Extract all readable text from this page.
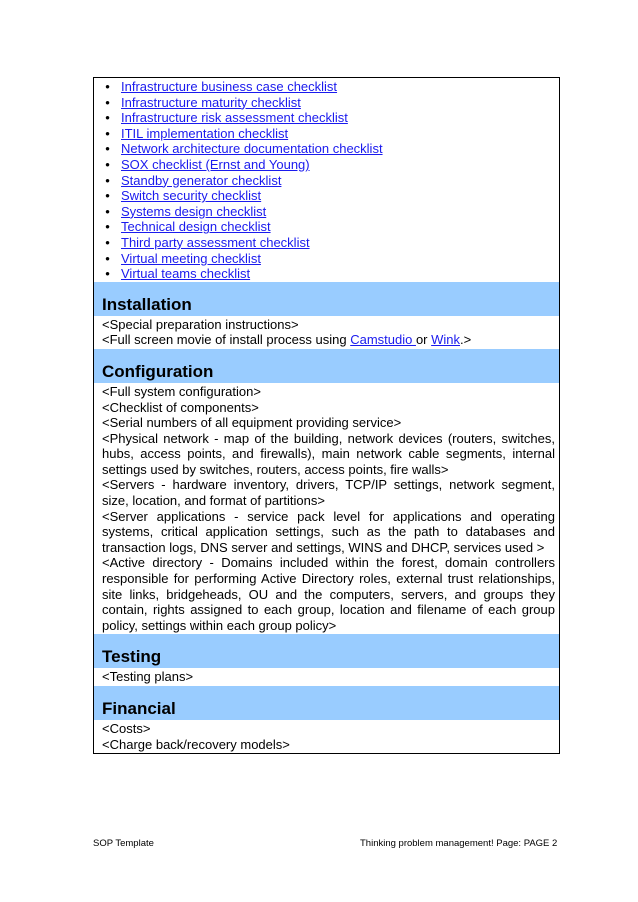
• Infrastructure business case checklist
• Infrastructure maturity checklist
• Infrastructure risk assessment checklist
• ITIL implementation checklist
• Network architecture documentation checklist
• SOX checklist (Ernst and Young)
• Standby generator checklist
• Switch security checklist
• Systems design checklist
• Technical design checklist
• Third party assessment checklist
• Virtual meeting checklist
• Virtual teams checklist
Installation

<Special preparation instructions>

<Full screen movie of install process using Camstudio or Wink.>

Configuration

<Full system configuration>

<Checklist of components>

<Serial numbers of all equipment providing service>

<Physical network - map of the building, network devices (routers, switches, hubs, access points, and firewalls), main network cable segments, internal settings used by switches, routers, access points, fire walls>

<Servers - hardware inventory, drivers, TCP/IP settings, network segment, size, location, and format of partitions>

<Server applications - service pack level for applications and operating systems, critical application settings, such as the path to databases and transaction logs, DNS server and settings, WINS and DHCP, services used >

<Active directory - Domains included within the forest, domain controllers responsible for performing Active Directory roles, external trust relationships, site links, bridgeheads, OU and the computers, servers, and groups they contain, rights assigned to each group, location and filename of each group policy, settings within each group policy>

Testing

<Testing plans>

Financial

<Costs>

<Charge back/recovery models>

SOP Template	Thinking problem management! Page: PAGE 2
